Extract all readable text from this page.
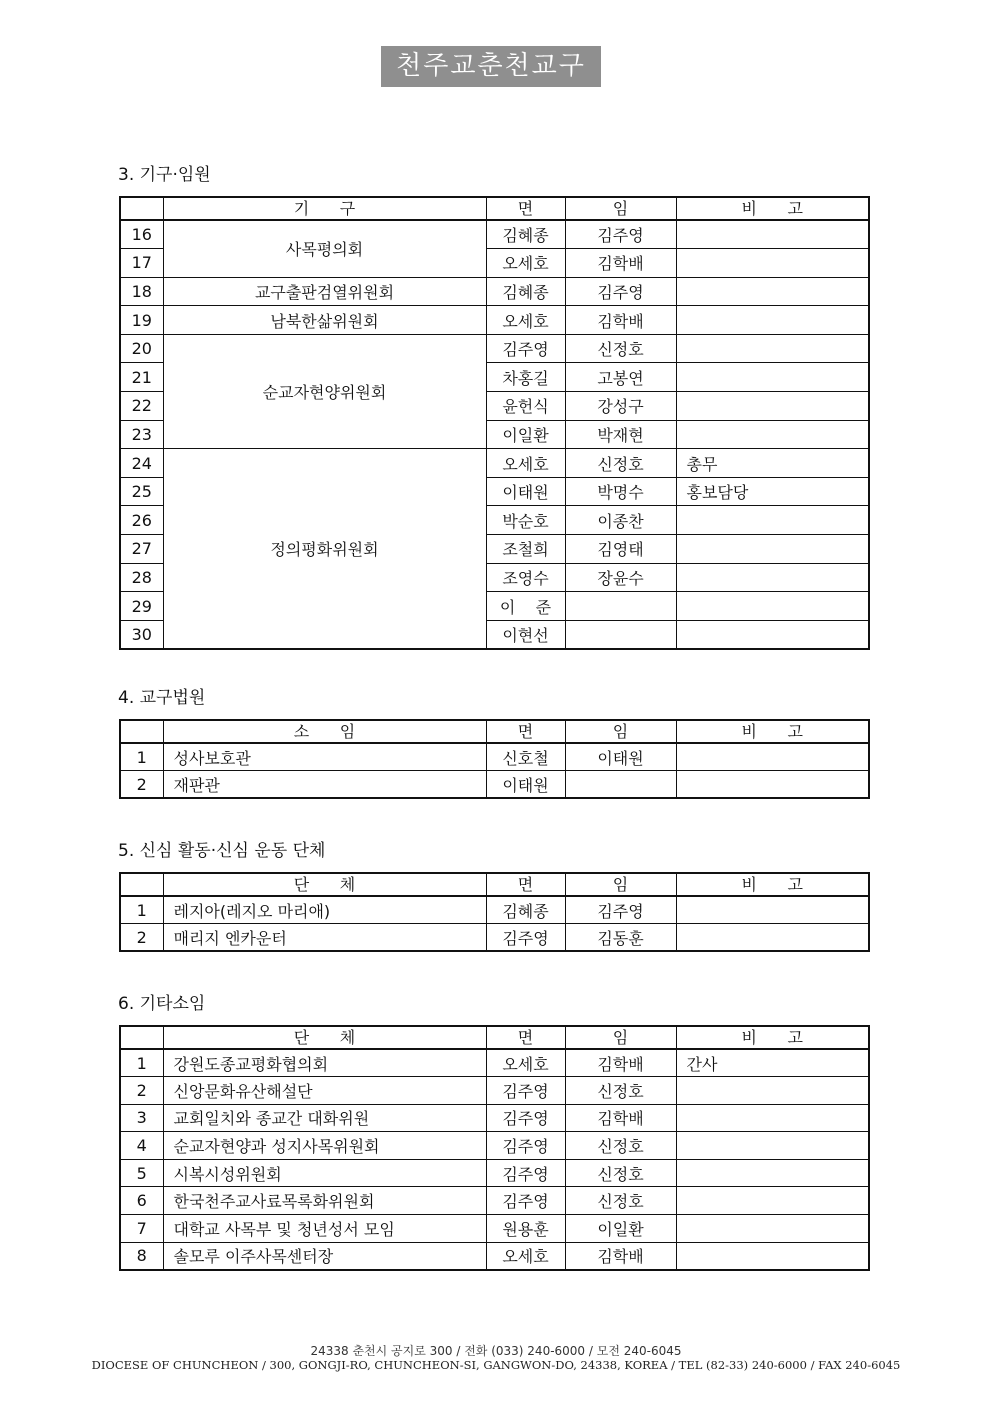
천주교춘천교구
3. 기구·임원
	기      구	면	임	비      고
16	사목평의회	김혜종	김주영	
17		오세호	김학배	
18	교구출판검열위원회	김혜종	김주영	
19	남북한삶위원회	오세호	김학배	
20	순교자현양위원회	김주영	신정호	
21		차홍길	고봉연	
22		윤헌식	강성구	
23		이일환	박재현	
24	정의평화위원회	오세호	신정호	총무
25		이태원	박명수	홍보담당
26		박순호	이종찬	
27		조철희	김영태	
28		조영수	장윤수	
29		이    준		
30		이현선		
4. 교구법원
	소      임	면	임	비      고
1	성사보호관	신호철	이태원	
2	재판관	이태원		
5. 신심 활동·신심 운동 단체
	단      체	면	임	비      고
1	레지아(레지오 마리애)	김혜종	김주영	
2	매리지 엔카운터	김주영	김동훈	
6. 기타소임
	단      체	면	임	비      고
1	강원도종교평화협의회	오세호	김학배	간사
2	신앙문화유산해설단	김주영	신정호	
3	교회일치와 종교간 대화위원	김주영	김학배	
4	순교자현양과 성지사목위원회	김주영	신정호	
5	시복시성위원회	김주영	신정호	
6	한국천주교사료목록화위원회	김주영	신정호	
7	대학교 사목부 및 청년성서 모임	원용훈	이일환	
8	솔모루 이주사목센터장	오세호	김학배	
24338 춘천시 공지로 300 / 전화 (033) 240-6000 / 모전 240-6045
DIOCESE OF CHUNCHEON / 300, GONGJI-RO, CHUNCHEON-SI, GANGWON-DO, 24338, KOREA / TEL (82-33) 240-6000 / FAX 240-6045
